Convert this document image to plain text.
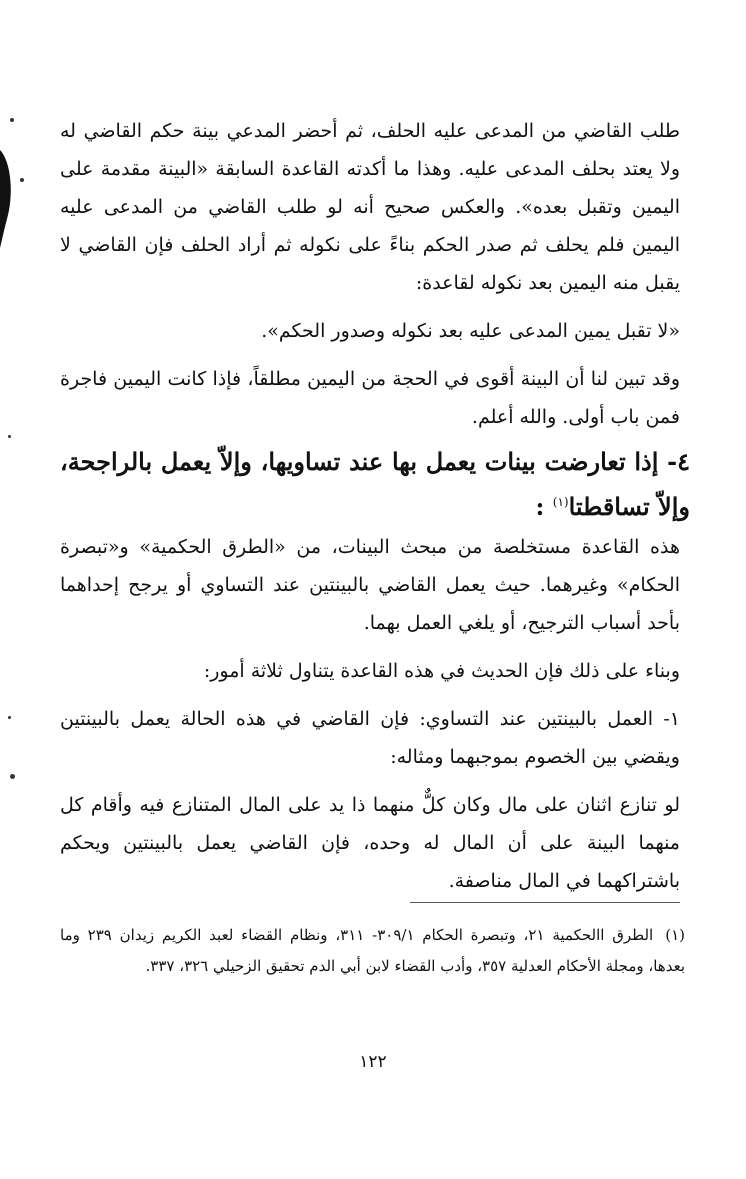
طلب القاضي من المدعى عليه الحلف، ثم أحضر المدعي بينة حكم القاضي له ولا يعتد بحلف المدعى عليه. وهذا ما أكدته القاعدة السابقة «البينة مقدمة على اليمين وتقبل بعده». والعكس صحيح أنه لو طلب القاضي من المدعى عليه اليمين فلم يحلف ثم صدر الحكم بناءً على نكوله ثم أراد الحلف فإن القاضي لا يقبل منه اليمين بعد نكوله لقاعدة:

«لا تقبل يمين المدعى عليه بعد نكوله وصدور الحكم».

وقد تبين لنا أن البينة أقوى في الحجة من اليمين مطلقاً، فإذا كانت اليمين فاجرة فمن باب أولى. والله أعلم.

٤- إذا تعارضت بينات يعمل بها عند تساويها، وإلاّ يعمل بالراجحة، وإلاّ تساقطتا$^{(١)}$ :

هذه القاعدة مستخلصة من مبحث البينات، من «الطرق الحكمية» و«تبصرة الحكام» وغيرهما. حيث يعمل القاضي بالبينتين عند التساوي أو يرجح إحداهما بأحد أسباب الترجيح، أو يلغي العمل بهما.

وبناء على ذلك فإن الحديث في هذه القاعدة يتناول ثلاثة أمور:

١- العمل بالبينتين عند التساوي: فإن القاضي في هذه الحالة يعمل بالبينتين ويقضي بين الخصوم بموجبهما ومثاله:

لو تنازع اثنان على مال وكان كلٌّ منهما ذا يد على المال المتنازع فيه وأقام كل منهما البينة على أن المال له وحده، فإن القاضي يعمل بالبينتين ويحكم باشتراكهما في المال مناصفة.

(١)الطرق االحكمية ٢١، وتبصرة الحكام ٣٠٩/١- ٣١١، ونظام القضاء لعبد الكريم زيدان ٢٣٩ وما بعدها، ومجلة الأحكام العدلية ٣٥٧، وأدب القضاء لابن أبي الدم تحقيق الزحيلي ٣٢٦، ٣٣٧.
١٢٢
